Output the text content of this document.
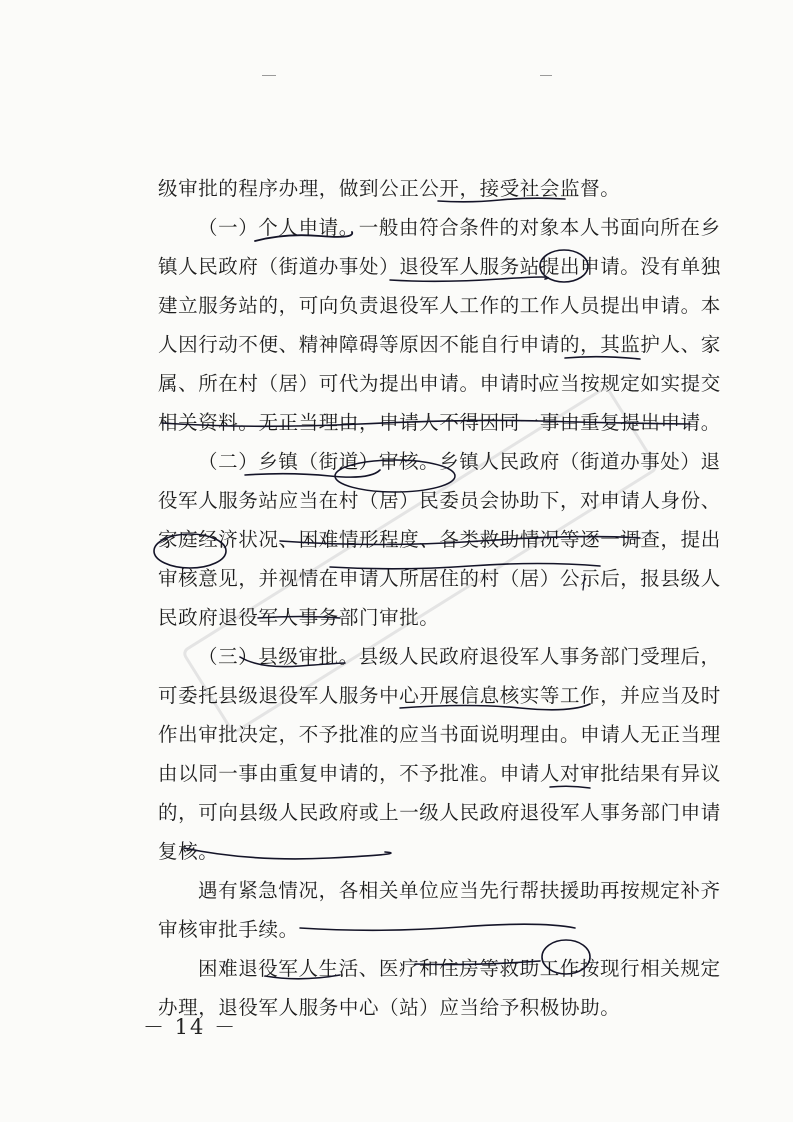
级审批的程序办理，做到公正公开，接受社会监督。
（一）个人申请。一般由符合条件的对象本人书面向所在乡
镇人民政府（街道办事处）退役军人服务站提出申请。没有单独
建立服务站的，可向负责退役军人工作的工作人员提出申请。本
人因行动不便、精神障碍等原因不能自行申请的，其监护人、家
属、所在村（居）可代为提出申请。申请时应当按规定如实提交
相关资料。无正当理由，申请人不得因同一事由重复提出申请。
（二）乡镇（街道）审核。乡镇人民政府（街道办事处）退
役军人服务站应当在村（居）民委员会协助下，对申请人身份、
家庭经济状况、困难情形程度、各类救助情况等逐一调查，提出
审核意见，并视情在申请人所居住的村（居）公示后，报县级人
民政府退役军人事务部门审批。
（三）县级审批。县级人民政府退役军人事务部门受理后，
可委托县级退役军人服务中心开展信息核实等工作，并应当及时
作出审批决定，不予批准的应当书面说明理由。申请人无正当理
由以同一事由重复申请的，不予批准。申请人对审批结果有异议
的，可向县级人民政府或上一级人民政府退役军人事务部门申请
复核。
遇有紧急情况，各相关单位应当先行帮扶援助再按规定补齐
审核审批手续。
困难退役军人生活、医疗和住房等救助工作按现行相关规定
办理，退役军人服务中心（站）应当给予积极协助。
－ 14 －
